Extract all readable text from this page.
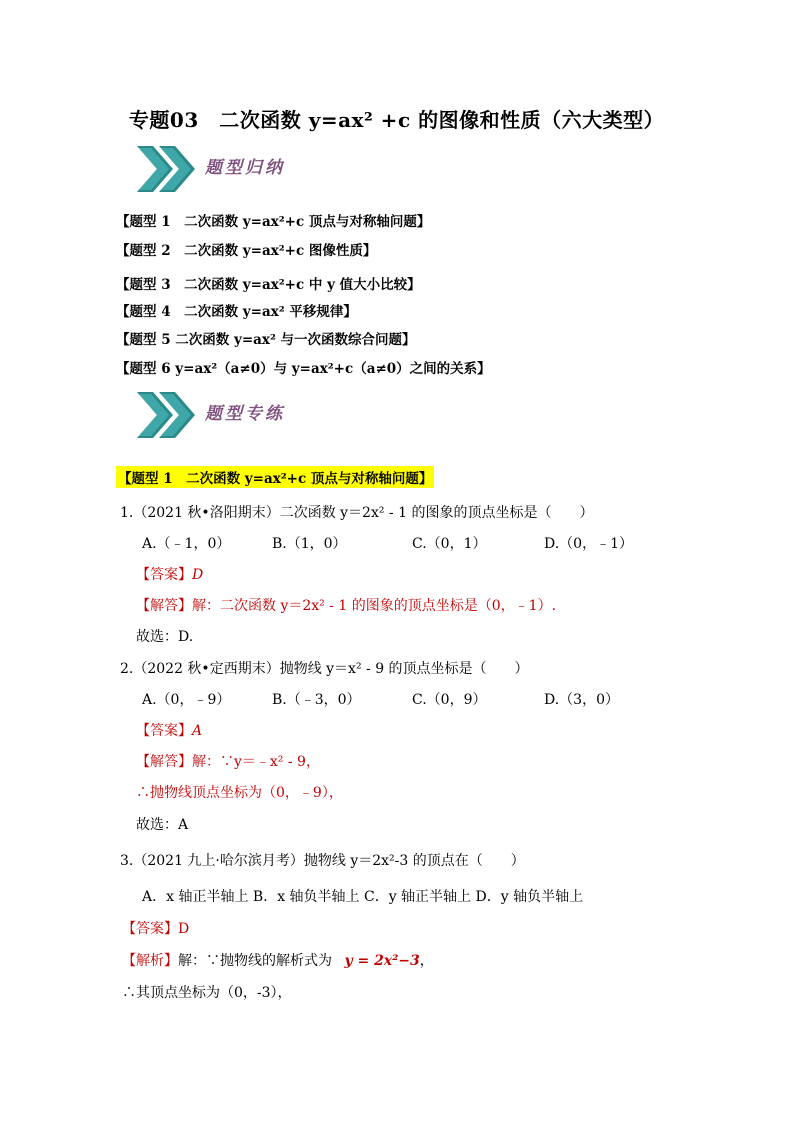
专题03　二次函数 y=ax² +c 的图像和性质（六大类型）
题型归纳
【题型 1　二次函数 y=ax²+c 顶点与对称轴问题】
【题型 2　二次函数 y=ax²+c 图像性质】
【题型 3　二次函数 y=ax²+c 中 y 值大小比较】
【题型 4　二次函数 y=ax² 平移规律】
【题型 5 二次函数 y=ax² 与一次函数综合问题】
【题型 6 y=ax²（a≠0）与 y=ax²+c（a≠0）之间的关系】
题型专练
【题型 1　二次函数 y=ax²+c 顶点与对称轴问题】
1.（2021 秋•洛阳期末）二次函数 y＝2x² - 1 的图象的顶点坐标是（　　）
A.（﹣1，0）	B.（1，0）	C.（0，1）	D.（0，﹣1）
【答案】D
【解答】解：二次函数 y＝2x² - 1 的图象的顶点坐标是（0，﹣1）.
故选：D.
2.（2022 秋•定西期末）抛物线 y＝x² - 9 的顶点坐标是（　　）
A.（0，﹣9）	B.（﹣3，0）	C.（0，9）	D.（3，0）
【答案】A
【解答】解：∵y＝﹣x² - 9，
∴抛物线顶点坐标为（0，﹣9），
故选：A
3.（2021 九上·哈尔滨月考）抛物线 y＝2x²-3 的顶点在（　　）
A．x 轴正半轴上 B．x 轴负半轴上 C．y 轴正半轴上 D．y 轴负半轴上
【答案】D
【解析】解：∵抛物线的解析式为 y = 2x²−3，
∴其顶点坐标为（0，-3），
